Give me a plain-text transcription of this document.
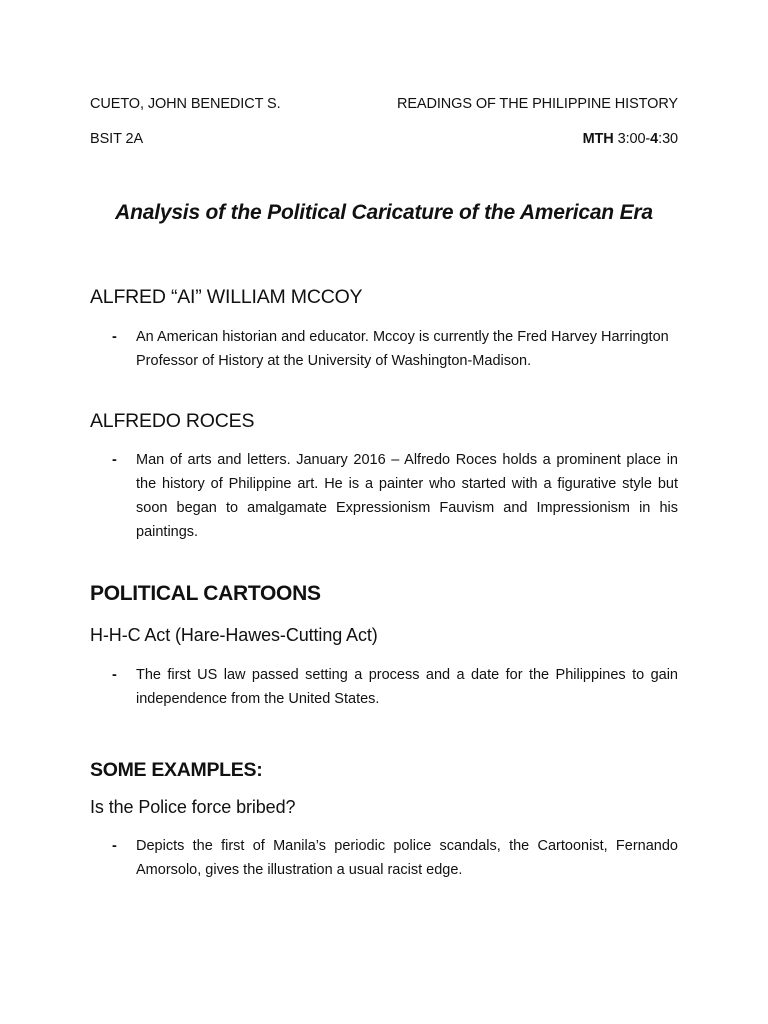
CUETO, JOHN BENEDICT S.	READINGS OF THE PHILIPPINE HISTORY
BSIT 2A	MTH 3:00-4:30
Analysis of the Political Caricature of the American Era
ALFRED “AI” WILLIAM MCCOY
-	An American historian and educator. Mccoy is currently the Fred Harvey Harrington Professor of History at the University of Washington-Madison.
ALFREDO ROCES
-	Man of arts and letters. January 2016 – Alfredo Roces holds a prominent place in the history of Philippine art. He is a painter who started with a figurative style but soon began to amalgamate Expressionism Fauvism and Impressionism in his paintings.
POLITICAL CARTOONS
H-H-C Act (Hare-Hawes-Cutting Act)
-	The first US law passed setting a process and a date for the Philippines to gain independence from the United States.
SOME EXAMPLES:
Is the Police force bribed?
-	Depicts the first of Manila’s periodic police scandals, the Cartoonist, Fernando Amorsolo, gives the illustration a usual racist edge.
